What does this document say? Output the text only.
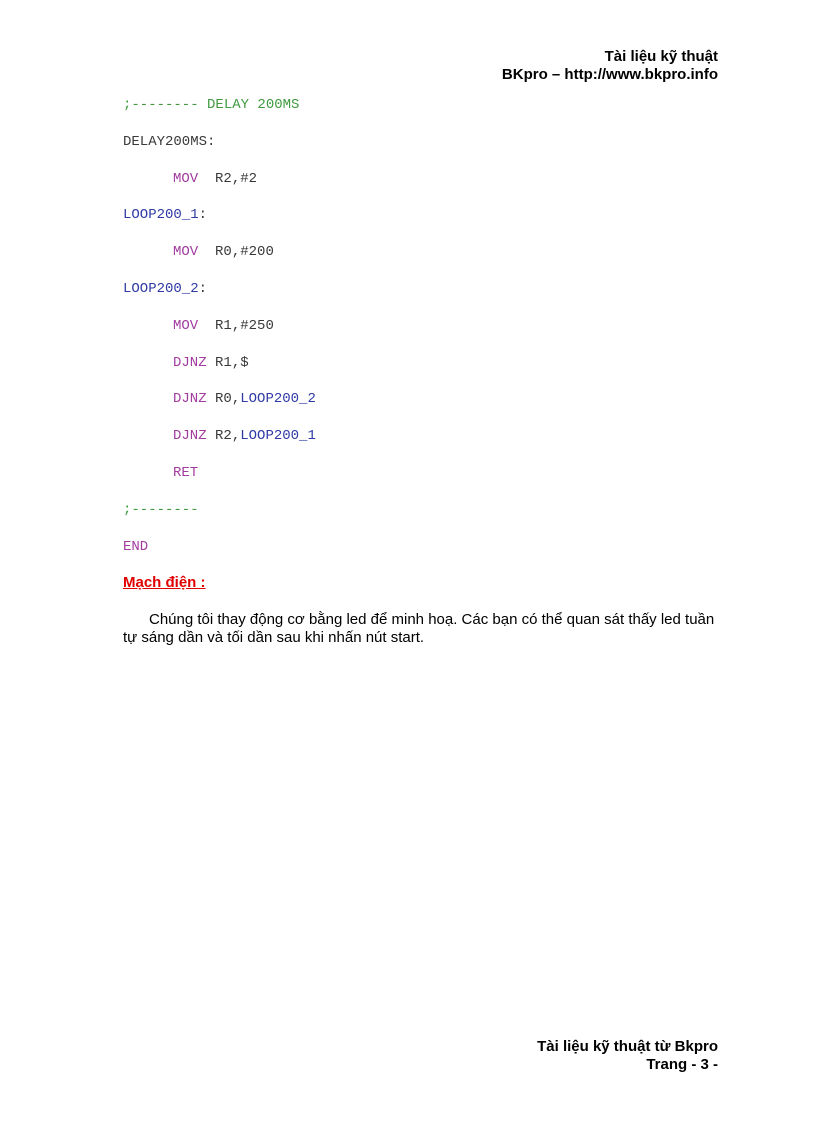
Tài liệu kỹ thuật
BKpro – http://www.bkpro.info
;-------- DELAY 200MS
DELAY200MS:
MOV R2,#2
LOOP200_1:
MOV R0,#200
LOOP200_2:
MOV R1,#250
DJNZ R1,$
DJNZ R0,LOOP200_2
DJNZ R2,LOOP200_1
RET
;--------
END
Mạch điện :
Chúng tôi thay động cơ bằng led để minh hoạ. Các bạn có thể quan sát thấy led tuần tự sáng dần và tối dần sau khi nhấn nút start.
Tài liệu kỹ thuật từ Bkpro
Trang - 3 -
